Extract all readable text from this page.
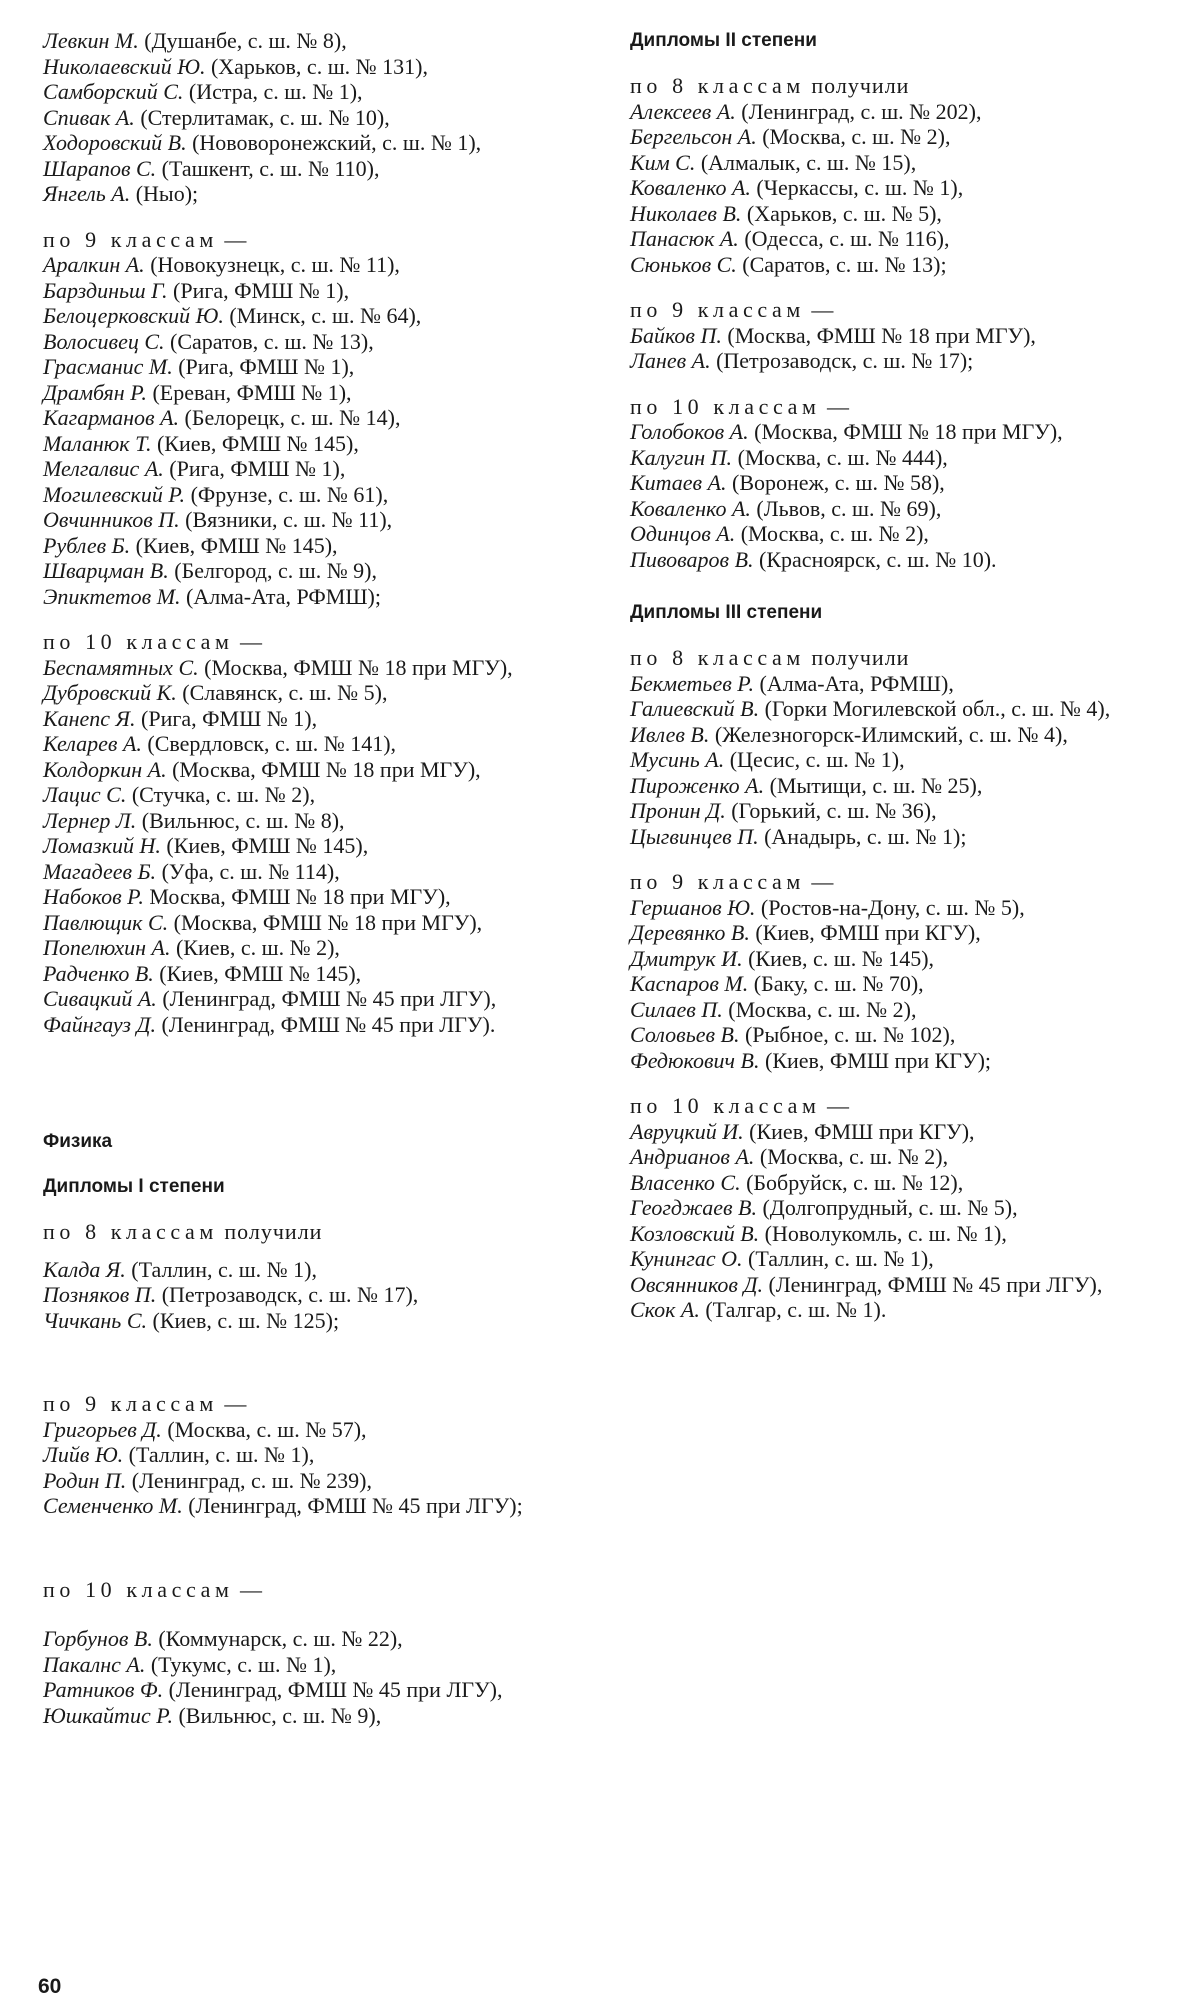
Левкин М. (Душанбе, с. ш. № 8),

Николаевский Ю. (Харьков, с. ш. № 131),

Самборский С. (Истра, с. ш. № 1),

Спивак А. (Стерлитамак, с. ш. № 10),

Ходоровский В. (Нововоронежский, с. ш. № 1),

Шарапов С. (Ташкент, с. ш. № 110),

Янгель А. (Ныо);

по 9 классам —

Аралкин А. (Новокузнецк, с. ш. № 11),

Барздиньш Г. (Рига, ФМШ № 1),

Белоцерковский Ю. (Минск, с. ш. № 64),

Волосивец С. (Саратов, с. ш. № 13),

Грасманис М. (Рига, ФМШ № 1),

Драмбян Р. (Ереван, ФМШ № 1),

Кагарманов А. (Белорецк, с. ш. № 14),

Маланюк Т. (Киев, ФМШ № 145),

Мелгалвис А. (Рига, ФМШ № 1),

Могилевский Р. (Фрунзе, с. ш. № 61),

Овчинников П. (Вязники, с. ш. № 11),

Рублев Б. (Киев, ФМШ № 145),

Шварцман В. (Белгород, с. ш. № 9),

Эпиктетов М. (Алма-Ата, РФМШ);

по 10 классам —

Беспамятных С. (Москва, ФМШ № 18 при МГУ),

Дубровский К. (Славянск, с. ш. № 5),

Канепс Я. (Рига, ФМШ № 1),

Келарев А. (Свердловск, с. ш. № 141),

Колдоркин А. (Москва, ФМШ № 18 при МГУ),

Лацис С. (Стучка, с. ш. № 2),

Лернер Л. (Вильнюс, с. ш. № 8),

Ломазкий Н. (Киев, ФМШ № 145),

Магадеев Б. (Уфа, с. ш. № 114),

Набоков Р. Москва, ФМШ № 18 при МГУ),

Павлющик С. (Москва, ФМШ № 18 при МГУ),

Попелюхин А. (Киев, с. ш. № 2),

Радченко В. (Киев, ФМШ № 145),

Сивацкий А. (Ленинград, ФМШ № 45 при ЛГУ),

Файнгауз Д. (Ленинград, ФМШ № 45 при ЛГУ).

Физика

Дипломы I степени

по 8 классам получили

Калда Я. (Таллин, с. ш. № 1),

Позняков П. (Петрозаводск, с. ш. № 17),

Чичкань С. (Киев, с. ш. № 125);

по 9 классам —

Григорьев Д. (Москва, с. ш. № 57),

Лийв Ю. (Таллин, с. ш. № 1),

Родин П. (Ленинград, с. ш. № 239),

Семенченко М. (Ленинград, ФМШ № 45 при ЛГУ);

по 10 классам —

Горбунов В. (Коммунарск, с. ш. № 22),

Пакалнс А. (Тукумс, с. ш. № 1),

Ратников Ф. (Ленинград, ФМШ № 45 при ЛГУ),

Юшкайтис Р. (Вильнюс, с. ш. № 9),

Дипломы II степени

по 8 классам получили

Алексеев А. (Ленинград, с. ш. № 202),

Бергельсон А. (Москва, с. ш. № 2),

Ким С. (Алмалык, с. ш. № 15),

Коваленко А. (Черкассы, с. ш. № 1),

Николаев В. (Харьков, с. ш. № 5),

Панасюк А. (Одесса, с. ш. № 116),

Сюньков С. (Саратов, с. ш. № 13);

по 9 классам —

Байков П. (Москва, ФМШ № 18 при МГУ),

Ланев А. (Петрозаводск, с. ш. № 17);

по 10 классам —

Голобоков А. (Москва, ФМШ № 18 при МГУ),

Калугин П. (Москва, с. ш. № 444),

Китаев А. (Воронеж, с. ш. № 58),

Коваленко А. (Львов, с. ш. № 69),

Одинцов А. (Москва, с. ш. № 2),

Пивоваров В. (Красноярск, с. ш. № 10).

Дипломы III степени

по 8 классам получили

Бекметьев Р. (Алма-Ата, РФМШ),

Галиевский В. (Горки Могилевской обл., с. ш. № 4),

Ивлев В. (Железногорск-Илимский, с. ш. № 4),

Мусинь А. (Цесис, с. ш. № 1),

Пироженко А. (Мытищи, с. ш. № 25),

Пронин Д. (Горький, с. ш. № 36),

Цыгвинцев П. (Анадырь, с. ш. № 1);

по 9 классам —

Гершанов Ю. (Ростов-на-Дону, с. ш. № 5),

Деревянко В. (Киев, ФМШ при КГУ),

Дмитрук И. (Киев, с. ш. № 145),

Каспаров М. (Баку, с. ш. № 70),

Силаев П. (Москва, с. ш. № 2),

Соловьев В. (Рыбное, с. ш. № 102),

Федюкович В. (Киев, ФМШ при КГУ);

по 10 классам —

Авруцкий И. (Киев, ФМШ при КГУ),

Андрианов А. (Москва, с. ш. № 2),

Власенко С. (Бобруйск, с. ш. № 12),

Геогджаев В. (Долгопрудный, с. ш. № 5),

Козловский В. (Новолукомль, с. ш. № 1),

Кунингас О. (Таллин, с. ш. № 1),

Овсянников Д. (Ленинград, ФМШ № 45 при ЛГУ),

Скок А. (Талгар, с. ш. № 1).

60
